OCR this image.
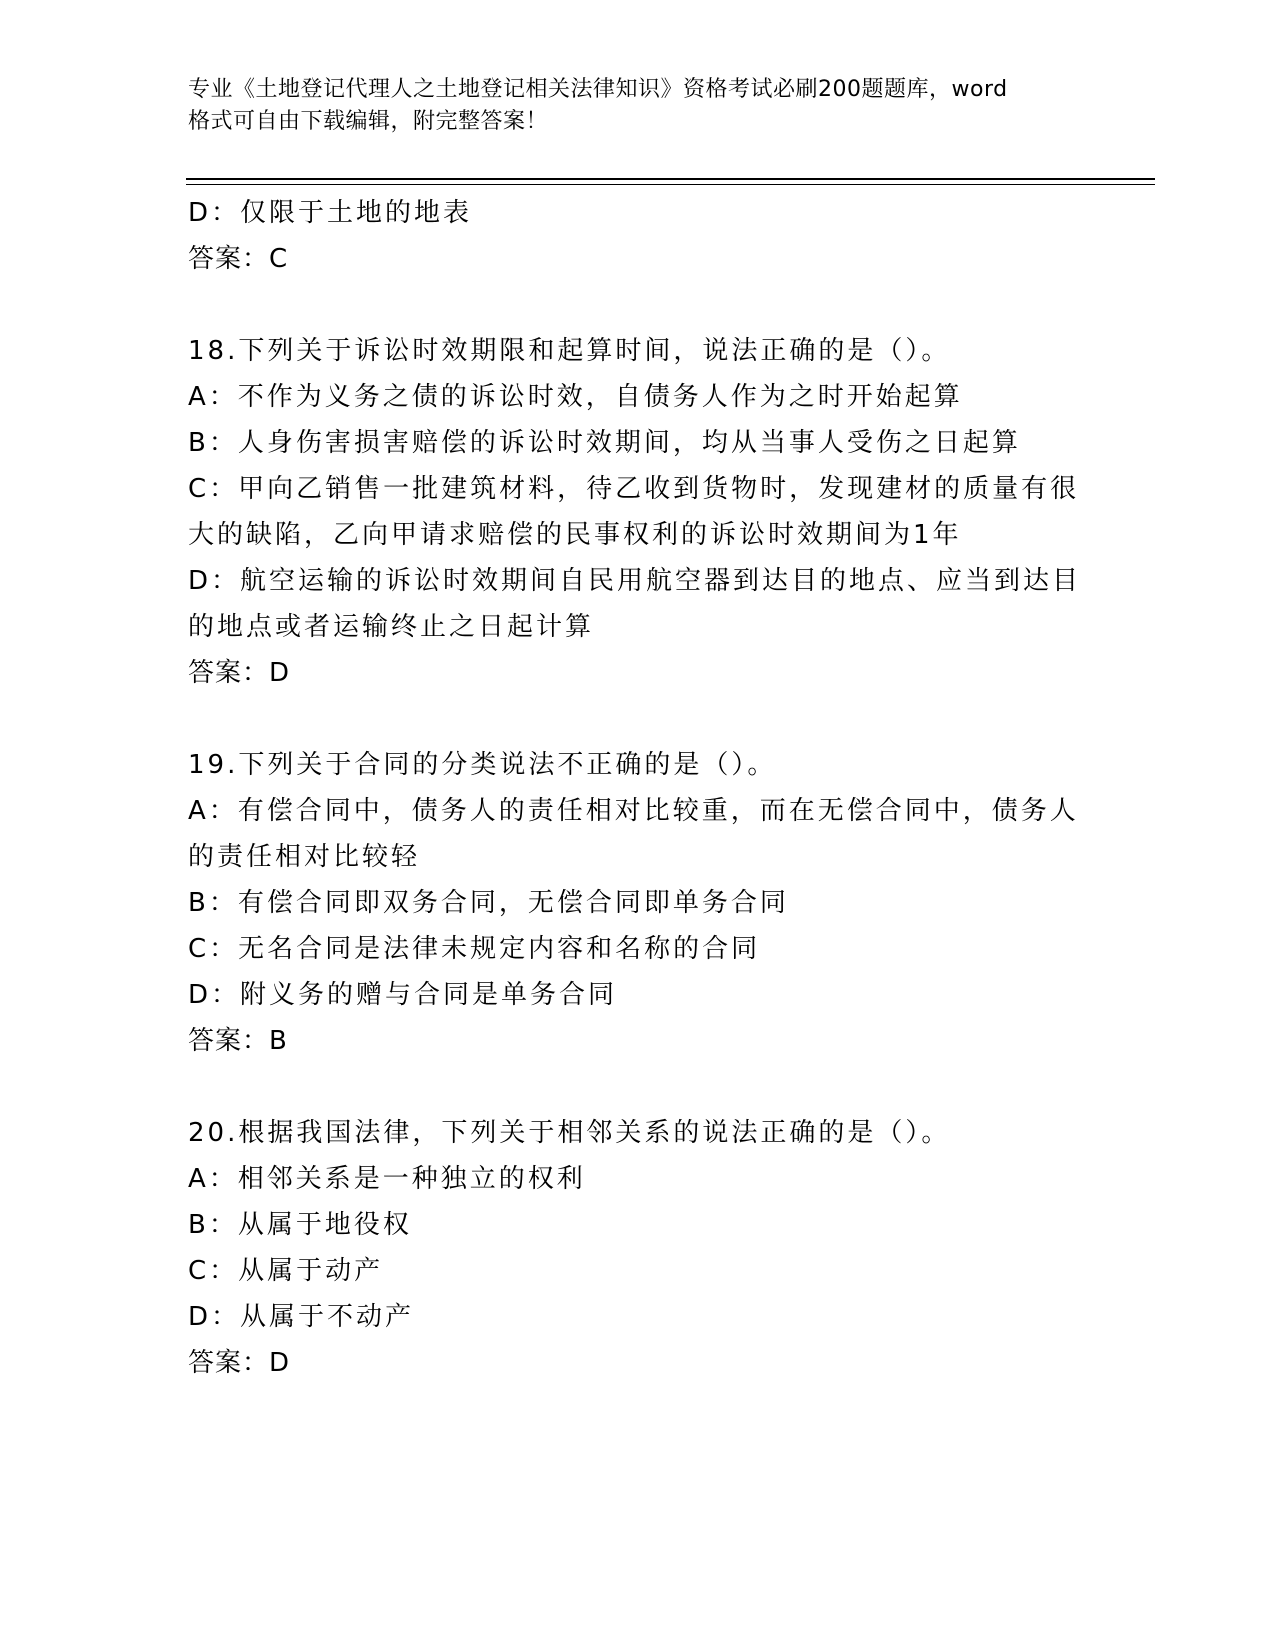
专业《土地登记代理人之土地登记相关法律知识》资格考试必刷200题题库，word
格式可自由下载编辑，附完整答案！
D：仅限于土地的地表
答案：C
18.下列关于诉讼时效期限和起算时间，说法正确的是（）。
A：不作为义务之债的诉讼时效，自债务人作为之时开始起算
B：人身伤害损害赔偿的诉讼时效期间，均从当事人受伤之日起算
C：甲向乙销售一批建筑材料，待乙收到货物时，发现建材的质量有很
大的缺陷，乙向甲请求赔偿的民事权利的诉讼时效期间为1年
D：航空运输的诉讼时效期间自民用航空器到达目的地点、应当到达目
的地点或者运输终止之日起计算
答案：D
19.下列关于合同的分类说法不正确的是（）。
A：有偿合同中，债务人的责任相对比较重，而在无偿合同中，债务人
的责任相对比较轻
B：有偿合同即双务合同，无偿合同即单务合同
C：无名合同是法律未规定内容和名称的合同
D：附义务的赠与合同是单务合同
答案：B
20.根据我国法律，下列关于相邻关系的说法正确的是（）。
A：相邻关系是一种独立的权利
B：从属于地役权
C：从属于动产
D：从属于不动产
答案：D
